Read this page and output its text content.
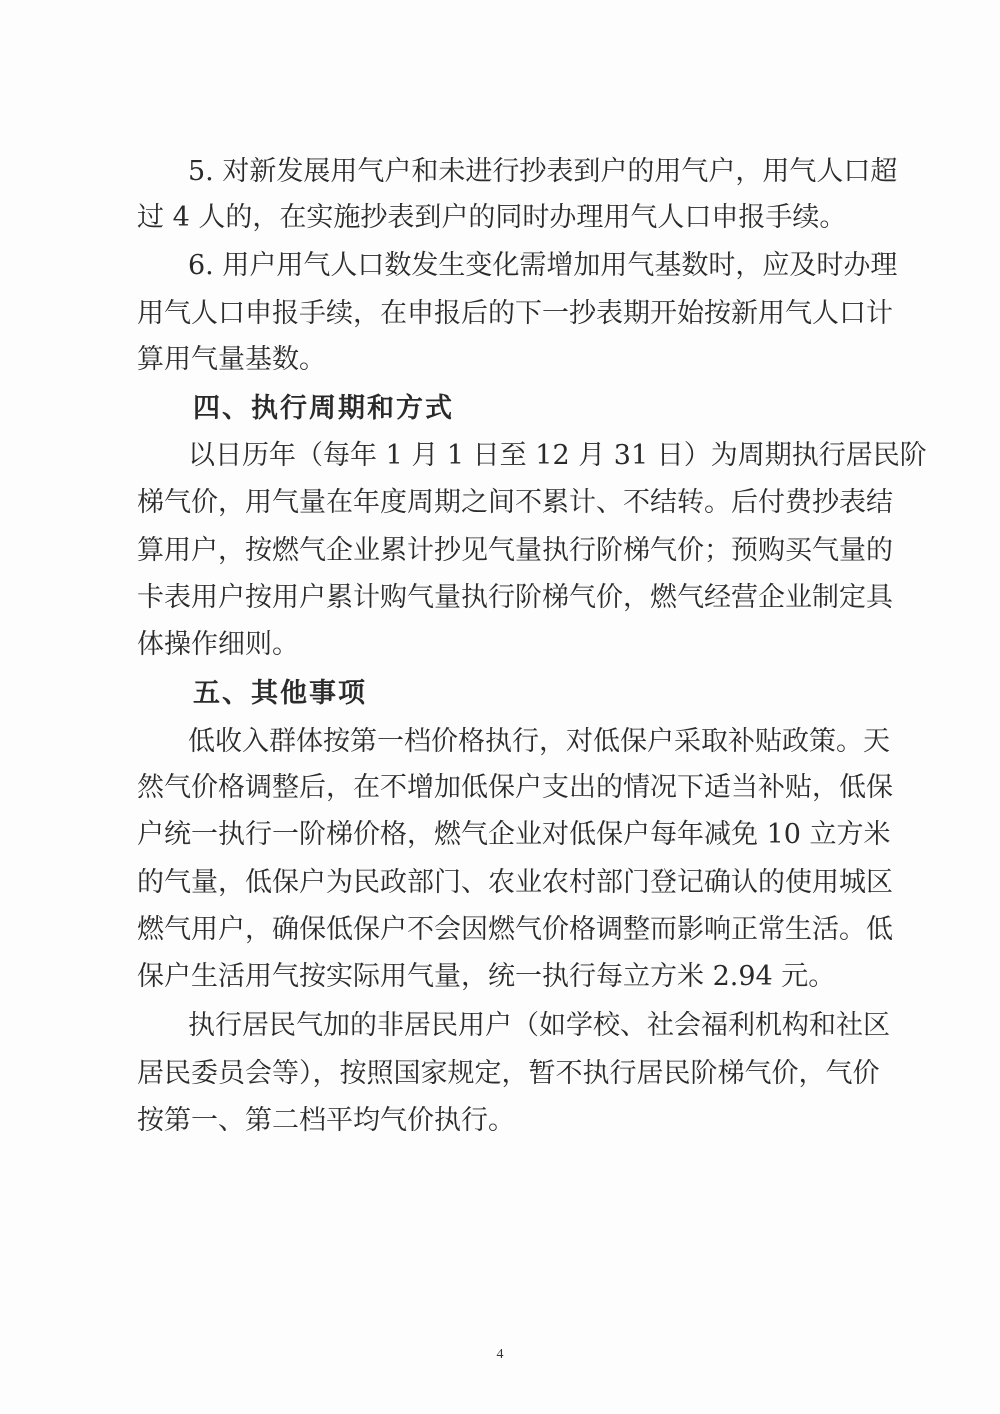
5. 对新发展用气户和未进行抄表到户的用气户，用气人口超
过 4 人的，在实施抄表到户的同时办理用气人口申报手续。
6. 用户用气人口数发生变化需增加用气基数时，应及时办理
用气人口申报手续，在申报后的下一抄表期开始按新用气人口计
算用气量基数。
四、执行周期和方式
以日历年（每年 1 月 1 日至 12 月 31 日）为周期执行居民阶
梯气价，用气量在年度周期之间不累计、不结转。后付费抄表结
算用户，按燃气企业累计抄见气量执行阶梯气价；预购买气量的
卡表用户按用户累计购气量执行阶梯气价，燃气经营企业制定具
体操作细则。
五、其他事项
低收入群体按第一档价格执行，对低保户采取补贴政策。天
然气价格调整后，在不增加低保户支出的情况下适当补贴，低保
户统一执行一阶梯价格，燃气企业对低保户每年减免 10 立方米
的气量，低保户为民政部门、农业农村部门登记确认的使用城区
燃气用户，确保低保户不会因燃气价格调整而影响正常生活。低
保户生活用气按实际用气量，统一执行每立方米 2.94 元。
执行居民气加的非居民用户（如学校、社会福利机构和社区
居民委员会等），按照国家规定，暂不执行居民阶梯气价，气价
按第一、第二档平均气价执行。
4
